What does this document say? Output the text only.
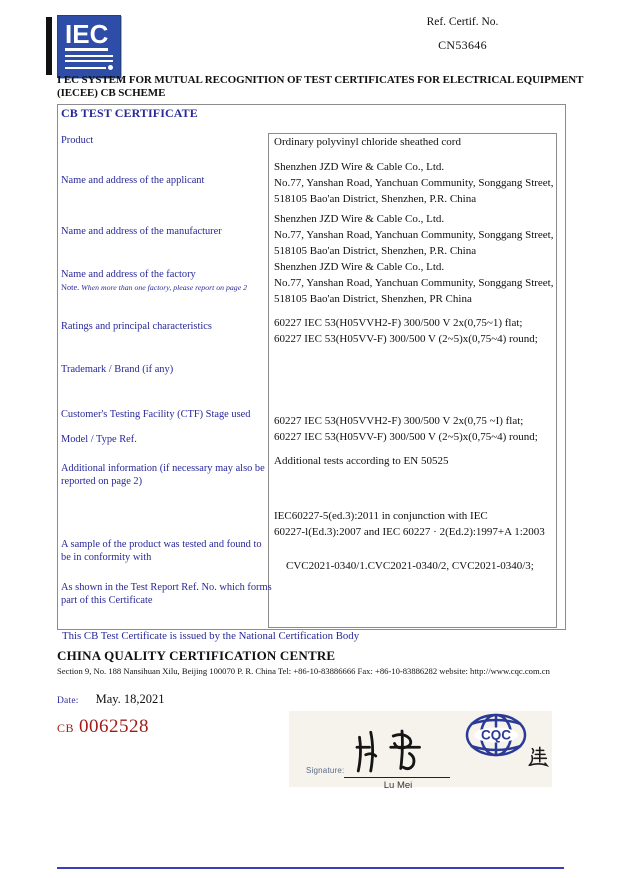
IEC	Ref. Certif. No.
CN53646
I EC SYSTEM FOR MUTUAL RECOGNITION OF TEST CERTIFICATES FOR ELECTRICAL EQUIPMENT
(IECEE) CB SCHEME
CB TEST CERTIFICATE
Product
Name and address of the applicant
Name and address of the manufacturer
Name and address of the factory
Note. When more than one factory, please report on page 2
Ratings and principal characteristics
Trademark / Brand (if any)
Customer's Testing Facility (CTF) Stage used
Model / Type Ref.
Additional information (if necessary may also be reported on page 2)
A sample of the product was tested and found to be in conformity with
As shown in the Test Report Ref. No. which forms part of this Certificate
Ordinary polyvinyl chloride sheathed cord
Shenzhen JZD Wire & Cable Co., Ltd.
No.77, Yanshan Road, Yanchuan Community, Songgang Street,
518105 Bao'an District, Shenzhen, P.R. China
Shenzhen JZD Wire & Cable Co., Ltd.
No.77, Yanshan Road, Yanchuan Community, Songgang Street,
518105 Bao'an District, Shenzhen, P.R. China
Shenzhen JZD Wire & Cable Co., Ltd.
No.77, Yanshan Road, Yanchuan Community, Songgang Street,
518105 Bao'an District, Shenzhen, PR China
60227 IEC 53(H05VVH2-F) 300/500 V 2x(0,75~1) flat;
60227 IEC 53(H05VV-F) 300/500 V (2~5)x(0,75~4) round;
60227 IEC 53(H05VVH2-F) 300/500 V 2x(0,75 ~I) flat;
60227 IEC 53(H05VV-F) 300/500 V (2~5)x(0,75~4) round;
Additional tests according to EN 50525
IEC60227-5(ed.3):2011 in conjunction with IEC
60227-l(Ed.3):2007 and IEC 60227 · 2(Ed.2):1997+A 1:2003
CVC2021-0340/1.CVC2021-0340/2, CVC2021-0340/3;
This CB Test Certificate is issued by the National Certification Body
CHINA QUALITY CERTIFICATION CENTRE
Section 9, No. 188 Nansihuan Xilu, Beijing 100070 P. R. China Tel: +86-10-83886666 Fax: +86-10-83886282 website: http://www.cqc.com.cn
Date: May. 18,2021
CB 0062528	CQC
Signature:
Lu Mei
